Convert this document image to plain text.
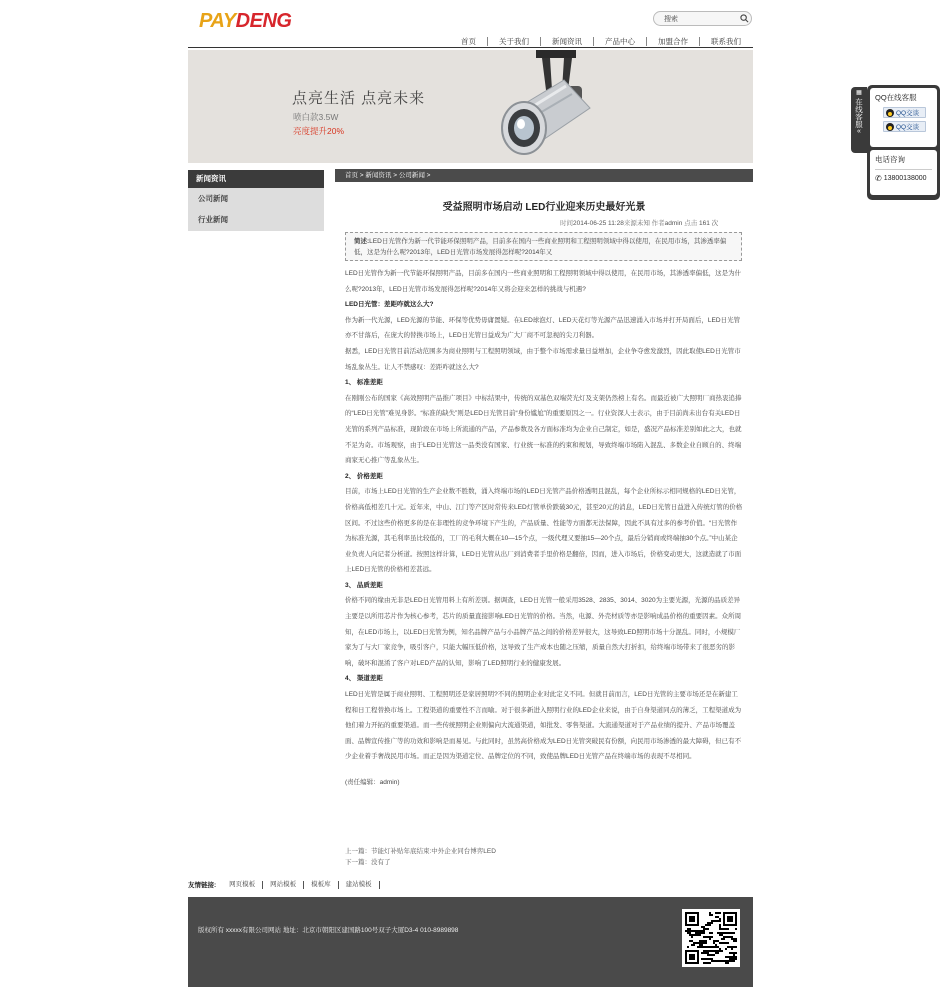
PAY DENG	搜索
首页	关于我们	新闻资讯	产品中心	加盟合作	联系我们
点亮生活 点亮未来
喷白款3.5W
亮度提升20%
新闻资讯
公司新闻
行业新闻
首页 > 新闻资讯 > 公司新闻 >
受益照明市场启动 LED行业迎来历史最好光景
时间2014-06-25 11:28来源未知 作者admin 点击 161 次
简述:LED日光管作为新一代节能环保照明产品，目前多在国内一些商业照明和工程照明领域中得以使用，在民用市场，其渗透率偏低，这是为什么呢?2013年，LED日光管市场发展得怎样呢?2014年又

LED日光管作为新一代节能环保照明产品，目前多在国内一些商业照明和工程照明领域中得以使用，在民用市场，其渗透率偏低，这是为什么呢?2013年，LED日光管市场发展得怎样呢?2014年又将会迎来怎样的挑战与机遇?

LED日光管：差距咋就这么大?

作为新一代光源，LED光源的节能、环保等优势毋庸置疑。在LED球泡灯、LED天花灯等光源产品迅速涌入市场并打开局面后，LED日光管亦不甘落后，在庞大的替换市场上，LED日光管日益成为广大厂商不可忽视的尖刀利器。

据悉，LED日光管目前活动范围多为商业照明与工程照明领域，由于整个市场需求量日益增加，企业争夺愈发激烈，因此取使LED日光管市场乱象丛生。让人不禁感叹：差距咋就这么大?

1、 标准差距

在刚刚公布的国家《高效照明产品推广项目》中标结果中，传统的双基色双端荧光灯及支架仍然榜上有名。而最近被广大照明厂商热衷追捧的“LED日光管”难见身影。“标准的缺失”则是LED日光管目前“身份尴尬”的重要原因之一。行业资深人士表示，由于目前尚未出台有关LED日光管的系列产品标准，现阶段在市场上所流通的产品，产品参数及各方面标准均为企业自己制定，如是，盛况产品标准差别如此之大，也就不足为奇。市场观察，由于LED日光管这一品类没有国家、行业统一标准的约束和规划，导致终端市场陷入混乱、多数企业自顾自的、终端商家无心推广等乱象丛生。

2、 价格差距

目前，市场上LED日光管的生产企业数不胜数，涌入终端市场的LED日光管产品价格透明且混乱，每个企业所标示相同规格的LED日光管，价格高低相差几十元。近年来，中山、江门等产区时常传来LED灯管单价跌破30元，甚至20元的消息，LED日光管日益进入传统灯管的价格区间。不过这些价格更多的是在非理性的竞争环境下产生的，产品质量、性能等方面都无法保障，因此不具有过多的参考价值。“日光管作为标准光源，其毛利率虽比较低的，工厂的毛利大概在10—15个点，一级代理又要抽15—20个点，最后分销商或终端抽30个点。”中山某企业负责人向记者分析道。按照这样计算，LED日光管从出厂到消费者手里价格是翻倍，因而，进入市场后，价格变动更大，这就造就了市面上LED日光管的价格相差甚远。

3、 品质差距

价格不同的缘由无非是LED日光管用料上有所差别。据调查，LED日光管一般采用3528、2835、3014、3020为主要光源，光源的品质差异主要是以所用芯片作为核心参考，芯片的质量直接影响LED日光管的价格。当然，电源、外壳材质等亦是影响成品价格的重要因素。众所周知，在LED市场上，以LED日光管为例，知名品牌产品与小品牌产品之间的价格差异很大，这导致LED照明市场十分混乱。同时，小规模厂家为了与大厂家竞争，吸引客户，只能大幅压低价格，这导致了生产成本也随之压缩，质量自然大打折扣，给终端市场带来了很恶劣的影响，破坏和混淆了客户对LED产品的认知，影响了LED照明行业的健康发展。

4、 渠道差距

LED日光管是属于商业照明、工程照明还是家居照明?不同的照明企业对此定义不同。但就目前而言，LED日光管的主要市场还是在新建工程和日工程替换市场上。工程渠道的重要性不言而喻。对于很多新进入照明行业的LED企业来说，由于自身渠道同点的薄乏，工程渠道成为他们着力开拓的重要渠道。而一些传统照明企业则偏向大流通渠道，如批发、零售渠道。大流通渠道对于产品业绩的提升、产品市场覆盖面、品牌宣传推广等的功效和影响是而易见。与此同时，虽然高价格成为LED日光管突破民有份额，向民用市场渗透的最大障碍，但已有不少企业着手奢战民用市场。而正是因为渠道定位、品牌定位的不同，致使品牌LED日光管产品在终端市场的表现不尽相同。

(责任编辑：admin)

上一篇：节能灯补贴年底结束:中外企业同台博弈LED
下一篇：没有了
友情链接:	网页模板	网站模板	模板库	建站模板
版权所有 xxxxx有限公司网站 地址：北京市朝阳区建国路100号双子大厦D3-4 010-8989898
▦
在线客服
«
QQ在线客服
QQ交谈
QQ交谈
电话咨询
✆ 13800138000
